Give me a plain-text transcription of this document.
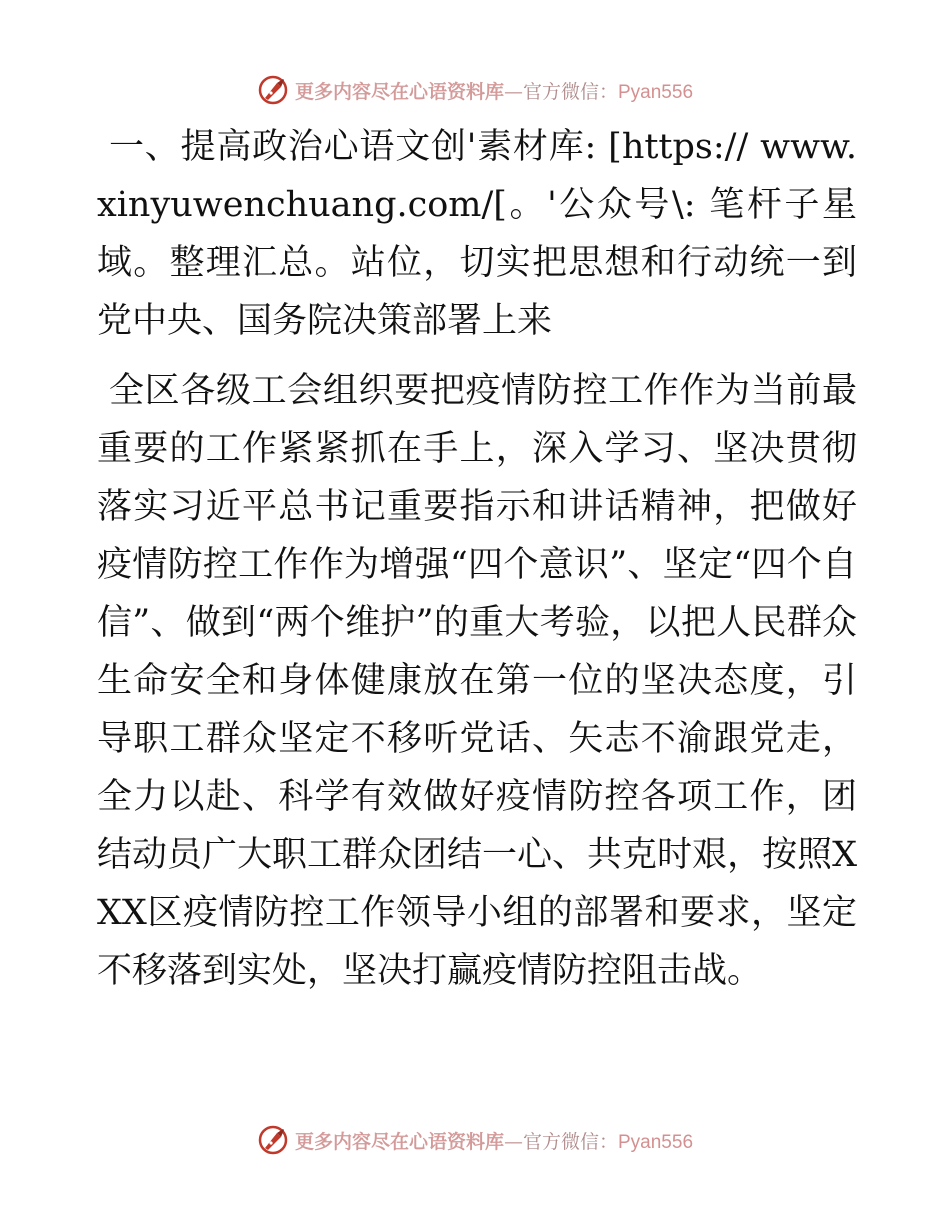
更多内容尽在心语资料库—官方微信：Pyan556

一、提高政治心语文创'素材库: [https:// www.xinyuwenchuang.com/[。'公众号\: 笔杆子星域。整理汇总。站位，切实把思想和行动统一到党中央、国务院决策部署上来

全区各级工会组织要把疫情防控工作作为当前最重要的工作紧紧抓在手上，深入学习、坚决贯彻落实习近平总书记重要指示和讲话精神，把做好疫情防控工作作为增强“四个意识”、坚定“四个自信”、做到“两个维护”的重大考验，以把人民群众生命安全和身体健康放在第一位的坚决态度，引导职工群众坚定不移听党话、矢志不渝跟党走，全力以赴、科学有效做好疫情防控各项工作，团结动员广大职工群众团结一心、共克时艰，按照XXX区疫情防控工作领导小组的部署和要求，坚定不移落到实处，坚决打赢疫情防控阻击战。

更多内容尽在心语资料库—官方微信：Pyan556
